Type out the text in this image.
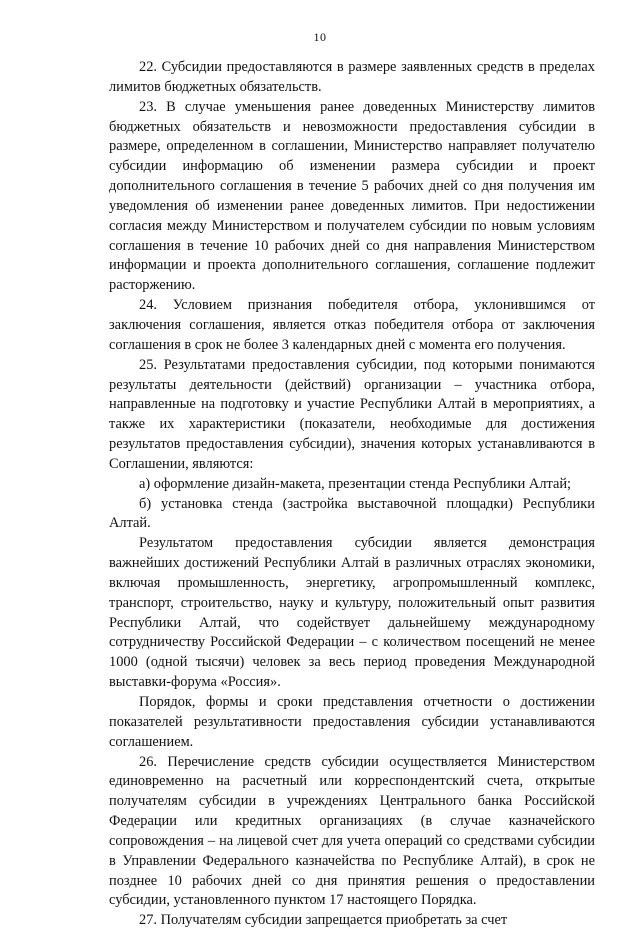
10

22. Субсидии предоставляются в размере заявленных средств в пределах лимитов бюджетных обязательств.

23. В случае уменьшения ранее доведенных Министерству лимитов бюджетных обязательств и невозможности предоставления субсидии в размере, определенном в соглашении, Министерство направляет получателю субсидии информацию об изменении размера субсидии и проект дополнительного соглашения в течение 5 рабочих дней со дня получения им уведомления об изменении ранее доведенных лимитов. При недостижении согласия между Министерством и получателем субсидии по новым условиям соглашения в течение 10 рабочих дней со дня направления Министерством информации и проекта дополнительного соглашения, соглашение подлежит расторжению.

24. Условием признания победителя отбора, уклонившимся от заключения соглашения, является отказ победителя отбора от заключения соглашения в срок не более 3 календарных дней с момента его получения.

25. Результатами предоставления субсидии, под которыми понимаются результаты деятельности (действий) организации – участника отбора, направленные на подготовку и участие Республики Алтай в мероприятиях, а также их характеристики (показатели, необходимые для достижения результатов предоставления субсидии), значения которых устанавливаются в Соглашении, являются:

а) оформление дизайн-макета, презентации стенда Республики Алтай;

б) установка стенда (застройка выставочной площадки) Республики Алтай.

Результатом предоставления субсидии является демонстрация важнейших достижений Республики Алтай в различных отраслях экономики, включая промышленность, энергетику, агропромышленный комплекс, транспорт, строительство, науку и культуру, положительный опыт развития Республики Алтай, что содействует дальнейшему международному сотрудничеству Российской Федерации – с количеством посещений не менее 1000 (одной тысячи) человек за весь период проведения Международной выставки-форума «Россия».

Порядок, формы и сроки представления отчетности о достижении показателей результативности предоставления субсидии устанавливаются соглашением.

26. Перечисление средств субсидии осуществляется Министерством единовременно на расчетный или корреспондентский счета, открытые получателям субсидии в учреждениях Центрального банка Российской Федерации или кредитных организациях (в случае казначейского сопровождения – на лицевой счет для учета операций со средствами субсидии в Управлении Федерального казначейства по Республике Алтай), в срок не позднее 10 рабочих дней со дня принятия решения о предоставлении субсидии, установленного пунктом 17 настоящего Порядка.

27. Получателям субсидии запрещается приобретать за счет
